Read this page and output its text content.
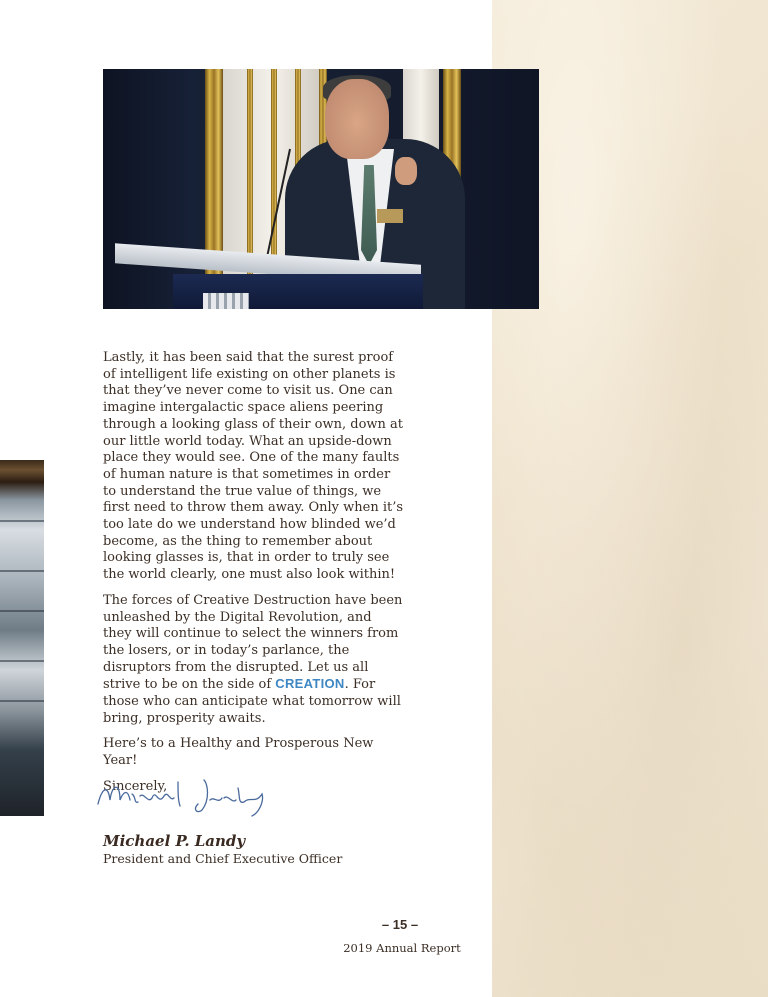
Lastly, it has been said that the surest proof of intelligent life existing on other planets is that they’ve never come to visit us. One can imagine intergalactic space aliens peering through a looking glass of their own, down at our little world today. What an upside-down place they would see. One of the many faults of human nature is that sometimes in order to understand the true value of things, we first need to throw them away. Only when it’s too late do we understand how blinded we’d become, as the thing to remember about looking glasses is, that in order to truly see the world clearly, one must also look within!

The forces of Creative Destruction have been unleashed by the Digital Revolution, and they will continue to select the winners from the losers, or in today’s parlance, the disruptors from the disrupted. Let us all strive to be on the side of CREATION. For those who can anticipate what tomorrow will bring, prosperity awaits.

Here’s to a Healthy and Prosperous New Year!

Sincerely,

Michael P. Landy
President and Chief Executive Officer
– 15 –
2019 Annual Report
